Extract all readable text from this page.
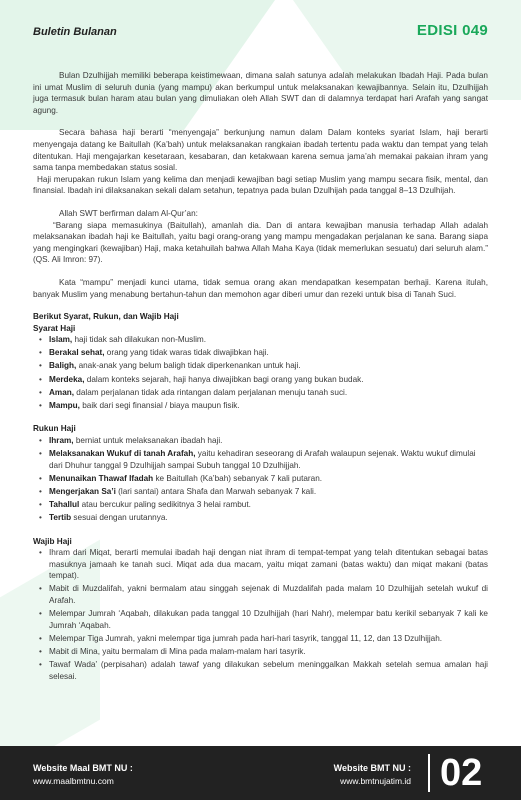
Buletin Bulanan	EDISI 049

Bulan Dzulhijjah memiliki beberapa keistimewaan, dimana salah satunya adalah melakukan Ibadah Haji. Pada bulan ini umat Muslim di seluruh dunia (yang mampu) akan berkumpul untuk melaksanakan kewajibannya. Selain itu, Dzulhijjah juga termasuk bulan haram atau bulan yang dimuliakan oleh Allah SWT dan di dalamnya terdapat hari Arafah yang sangat agung.

Secara bahasa haji berarti “menyengaja” berkunjung namun dalam Dalam konteks syariat Islam, haji berarti menyengaja datang ke Baitullah (Ka’bah) untuk melaksanakan rangkaian ibadah tertentu pada waktu dan tempat yang telah ditentukan. Haji mengajarkan kesetaraan, kesabaran, dan ketakwaan karena semua jama’ah memakai pakaian ihram yang sama tanpa membedakan status sosial.

Haji merupakan rukun Islam yang kelima dan menjadi kewajiban bagi setiap Muslim yang mampu secara fisik, mental, dan finansial. Ibadah ini dilaksanakan sekali dalam setahun, tepatnya pada bulan Dzulhijah pada tanggal 8–13 Dzulhijah.

Allah SWT berfirman dalam Al-Qur’an:

“Barang siapa memasukinya (Baitullah), amanlah dia. Dan di antara kewajiban manusia terhadap Allah adalah melaksanakan ibadah haji ke Baitullah, yaitu bagi orang-orang yang mampu mengadakan perjalanan ke sana. Barang siapa yang mengingkari (kewajiban) Haji, maka ketahuilah bahwa Allah Maha Kaya (tidak memerlukan sesuatu) dari seluruh alam.” (QS. Ali Imron: 97).

Kata “mampu” menjadi kunci utama, tidak semua orang akan mendapatkan kesempatan berhaji. Karena itulah, banyak Muslim yang menabung bertahun-tahun dan memohon agar diberi umur dan rezeki untuk bisa di Tanah Suci.

Berikut Syarat, Rukun, dan Wajib Haji
Syarat Haji
• Islam, haji tidak sah dilakukan non-Muslim.
• Berakal sehat, orang yang tidak waras tidak diwajibkan haji.
• Baligh, anak-anak yang belum baligh tidak diperkenankan untuk haji.
• Merdeka, dalam konteks sejarah, haji hanya diwajibkan bagi orang yang bukan budak.
• Aman, dalam perjalanan tidak ada rintangan dalam perjalanan menuju tanah suci.
• Mampu, baik dari segi finansial / biaya maupun fisik.
Rukun Haji
• Ihram, berniat untuk melaksanakan ibadah haji.
• Melaksanakan Wukuf di tanah Arafah, yaitu kehadiran seseorang di Arafah walaupun sejenak. Waktu wukuf dimulai dari Dhuhur tanggal 9 Dzulhijjah sampai Subuh tanggal 10 Dzulhijjah.
• Menunaikan Thawaf Ifadah ke Baitullah (Ka’bah) sebanyak 7 kali putaran.
• Mengerjakan Sa’i (lari santai) antara Shafa dan Marwah sebanyak 7 kali.
• Tahallul atau bercukur paling sedikitnya 3 helai rambut.
• Tertib sesuai dengan urutannya.
Wajib Haji
• Ihram dari Miqat, berarti memulai ibadah haji dengan niat ihram di tempat-tempat yang telah ditentukan sebagai batas masuknya jamaah ke tanah suci. Miqat ada dua macam, yaitu miqat zamani (batas waktu) dan miqat makani (batas tempat).
• Mabit di Muzdalifah, yakni bermalam atau singgah sejenak di Muzdalifah pada malam 10 Dzulhijjah setelah wukuf di Arafah.
• Melempar Jumrah ‘Aqabah, dilakukan pada tanggal 10 Dzulhijjah (hari Nahr), melempar batu kerikil sebanyak 7 kali ke Jumrah ‘Aqabah.
• Melempar Tiga Jumrah, yakni melempar tiga jumrah pada hari-hari tasyrik, tanggal 11, 12, dan 13 Dzulhijjah.
• Mabit di Mina, yaitu bermalam di Mina pada malam-malam hari tasyrik.
• Tawaf Wada’ (perpisahan) adalah tawaf yang dilakukan sebelum meninggalkan Makkah setelah semua amalan haji selesai.
Website Maal BMT NU :
www.maalbmtnu.com
Website BMT NU :
www.bmtnujatim.id 02
